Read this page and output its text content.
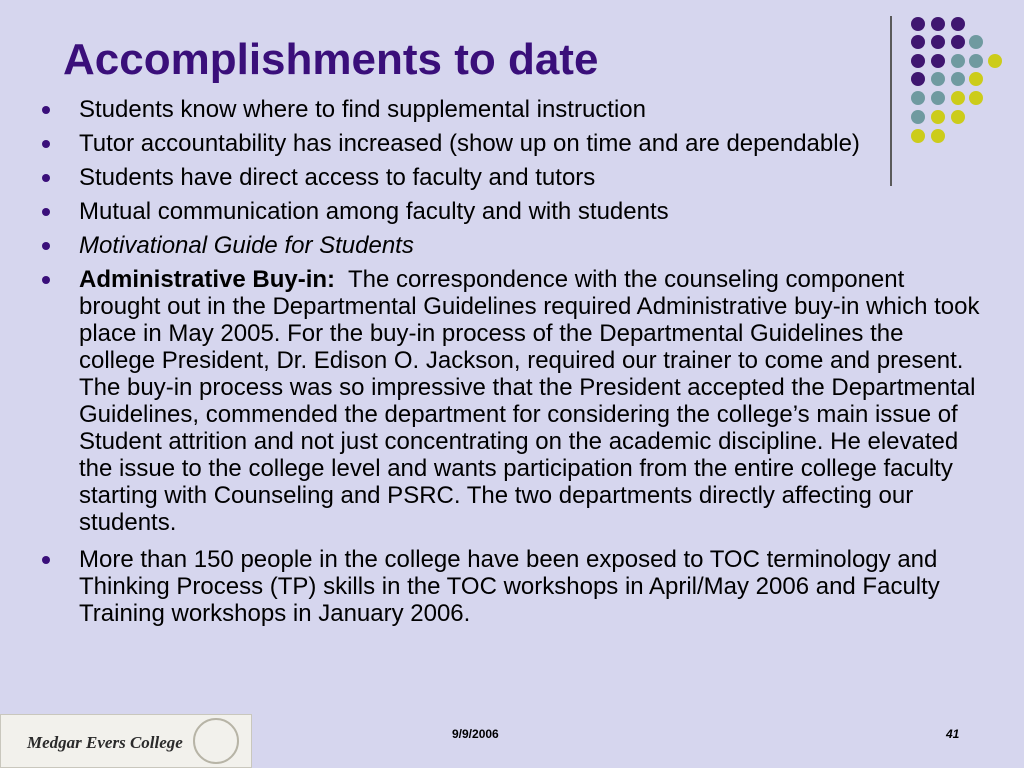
Accomplishments to date
Students know where to find supplemental instruction
Tutor accountability has increased (show up on time and are dependable)
Students have direct access to faculty and tutors
Mutual communication among faculty and with students
Motivational Guide for Students
Administrative Buy-in: The correspondence with the counseling component brought out in the Departmental Guidelines required Administrative buy-in which took place in May 2005. For the buy-in process of the Departmental Guidelines the college President, Dr. Edison O. Jackson, required our trainer to come and present. The buy-in process was so impressive that the President accepted the Departmental Guidelines, commended the department for considering the college’s main issue of Student attrition and not just concentrating on the academic discipline. He elevated the issue to the college level and wants participation from the entire college faculty starting with Counseling and PSRC. The two departments directly affecting our students.
More than 150 people in the college have been exposed to TOC terminology and Thinking Process (TP) skills in the TOC workshops in April/May 2006 and Faculty Training workshops in January 2006.
Medgar Evers College	9/9/2006	41
